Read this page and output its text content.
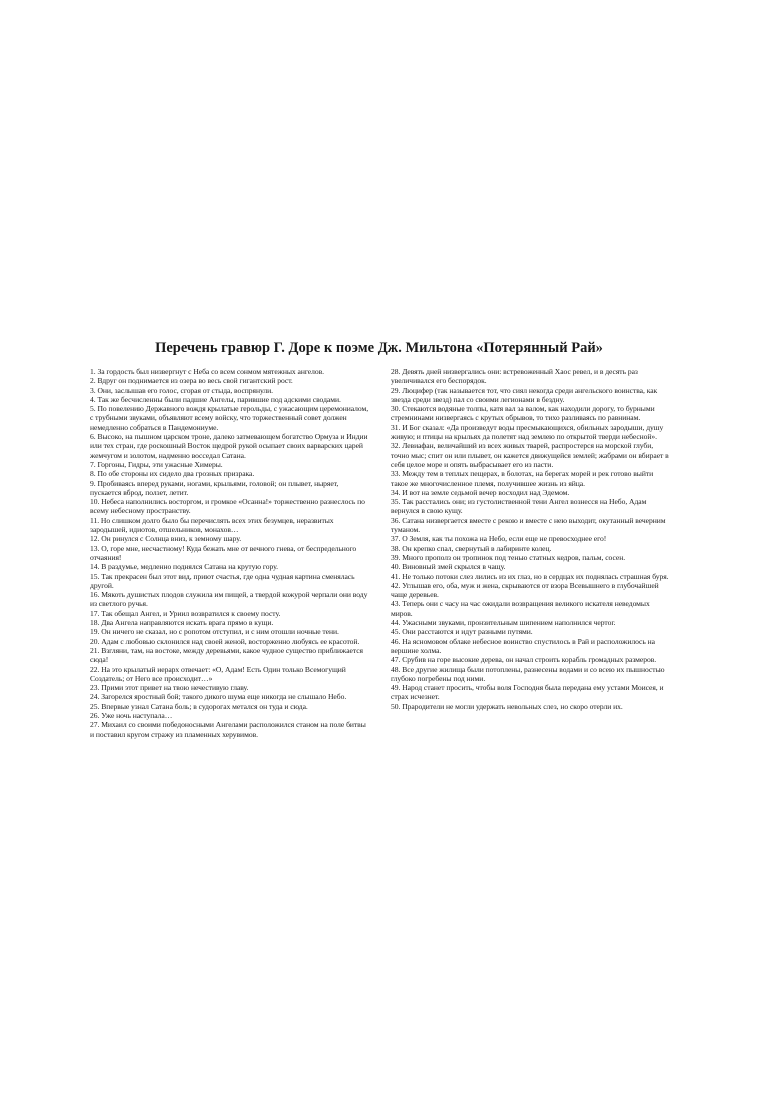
Перечень гравюр Г. Доре к поэме Дж. Мильтона «Потерянный Рай»

1. За гордость был низвергнут с Неба со всем сонмом мятежных ангелов.

2. Вдруг он поднимается из озера во весь свой гигантский рост.

3. Они, заслышав его голос, сгорая от стыда, воспрянули.

4. Так же бесчисленны были падшие Ангелы, парившие под адскими сводами.

5. По повелению Державного вождя крылатые герольды, с ужасающим церемониалом, с трубными звуками, объявляют всему войску, что торжественный совет должен немедленно собраться в Пандемониуме.

6. Высоко, на пышном царском троне, далеко затмевающем богатство Ормуза и Индии или тех стран, где роскошный Восток щедрой рукой осыпает своих варварских царей жемчугом и золотом, надменно восседал Сатана.

7. Горгоны, Гидры, эти ужасные Химеры.

8. По обе стороны их сидело два грозных призрака.

9. Пробиваясь вперед руками, ногами, крыльями, головой; он плывет, ныряет, пускается вброд, ползет, летит.

10. Небеса наполнились восторгом, и громкое «Осанна!» торжественно разнеслось по всему небесному пространству.

11. Но слишком долго было бы перечислять всех этих безумцев, неразвитых зародышей, идиотов, отшельников, монахов…

12. Он ринулся с Солнца вниз, к земному шару.

13. О, горе мне, несчастному! Куда бежать мне от вечного гнева, от беспредельного отчаяния!

14. В раздумье, медленно поднялся Сатана на крутую гору.

15. Так прекрасен был этот вид, приют счастья, где одна чудная картина сменялась другой.

16. Мякоть душистых плодов служила им пищей, а твердой кожурой черпали они воду из светлого ручья.

17. Так обещал Ангел, и Уриил возвратился к своему посту.

18. Два Ангела направляются искать врага прямо в кущи.

19. Он ничего не сказал, но с ропотом отступил, и с ним отошли ночные тени.

20. Адам с любовью склонился над своей женой, восторженно любуясь ее красотой.

21. Взгляни, там, на востоке, между деревьями, какое чудное существо приближается сюда!

22. На это крылатый иерарх отвечает: «О, Адам! Есть Один только Всемогущий Создатель; от Него все происходит…»

23. Прими этот привет на твою нечестивую главу.

24. Загорелся яростный бой; такого дикого шума еще никогда не слышало Небо.

25. Впервые узнал Сатана боль; в судорогах метался он туда и сюда.

26. Уже ночь наступала…

27. Михаил со своими победоносными Ангелами расположился станом на поле битвы и поставил кругом стражу из пламенных херувимов.

28. Девять дней низвергались они: встревоженный Хаос ревел, и в десять раз увеличивался его беспорядок.

29. Люцифер (так называется тот, что сиял некогда среди ангельского воинства, как звезда среди звезд) пал со своими легионами в бездну.

30. Стекаются водяные толпы, катя вал за валом, как находили дорогу, то бурными стремнинами низвергаясь с крутых обрывов, то тихо разливаясь по равнинам.

31. И Бог сказал: «Да произведут воды пресмыкающихся, обильных зародыши, душу живую; и птицы на крыльях да полетят над землею по открытой тверди небесной».

32. Левиафан, величайший из всех живых тварей, распростерся на морской глуби, точно мыс; спит он или плывет, он кажется движущейся землей; жабрами он вбирает в себя целое море и опять выбрасывает его из пасти.

33. Между тем в теплых пещерах, в болотах, на берегах морей и рек готово выйти такое же многочисленное племя, получившее жизнь из яйца.

34. И вот на земле седьмой вечер восходил над Эдемом.

35. Так расстались они; из густолиственной тени Ангел вознесся на Небо, Адам вернулся в свою кущу.

36. Сатана низвергается вместе с рекою и вместе с нею выходит, окутанный вечерним туманом.

37. О Земля, как ты похожа на Небо, если еще не превосходнее его!

38. Он крепко спал, свернутый в лабиринте колец.

39. Много прополз он тропинок под тенью статных кедров, пальм, сосен.

40. Виновный змей скрылся в чащу.

41. Не только потоки слез лились из их глаз, но в сердцах их поднялась страшная буря.

42. Углышав его, оба, муж и жена, скрываются от взора Всевышнего в глубочайшей чаще деревьев.

43. Теперь они с часу на час ожидали возвращения великого искателя неведомых миров.

44. Ужасными звуками, пронзительным шипением наполнился чертог.

45. Они расстаются и идут разными путями.

46. На ясномовом облаке небесное воинство спустилось в Рай и расположилось на вершине холма.

47. Срубив на горе высокие дерева, он начал строить корабль громадных размеров.

48. Все другие жилища были потоплены, разнесены водами и со всею их пышностью глубоко погребены под ними.

49. Народ станет просить, чтобы воля Господня была передана ему устами Моисея, и страх исчезнет.

50. Прародители не могли удержать невольных слез, но скоро отерли их.
